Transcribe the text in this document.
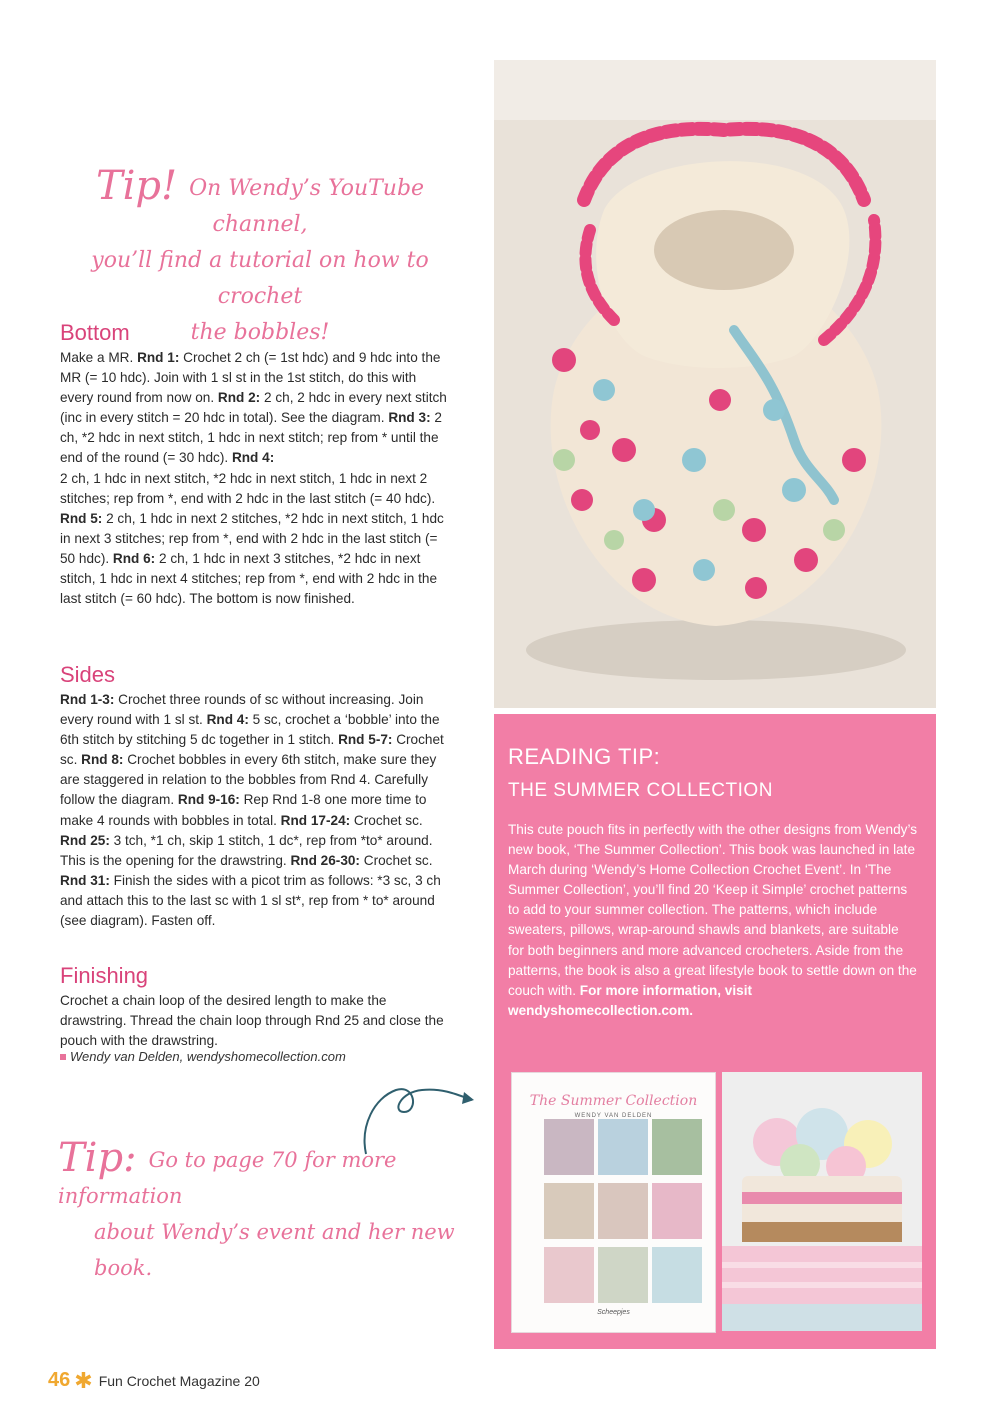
Tip! On Wendy’s YouTube channel,
you’ll find a tutorial on how to crochet
the bobbles!
Bottom

Make a MR. Rnd 1: Crochet 2 ch (= 1st hdc) and 9 hdc into the MR (= 10 hdc). Join with 1 sl st in the 1st stitch, do this with every round from now on. Rnd 2: 2 ch, 2 hdc in every next stitch (inc in every stitch = 20 hdc in total). See the diagram. Rnd 3: 2 ch, *2 hdc in next stitch, 1 hdc in next stitch; rep from * until the end of the round (= 30 hdc). Rnd 4:
2 ch, 1 hdc in next stitch, *2 hdc in next stitch, 1 hdc in next 2 stitches; rep from *, end with 2 hdc in the last stitch (= 40 hdc). Rnd 5: 2 ch, 1 hdc in next 2 stitches, *2 hdc in next stitch, 1 hdc in next 3 stitches; rep from *, end with 2 hdc in the last stitch (= 50 hdc). Rnd 6: 2 ch, 1 hdc in next 3 stitches, *2 hdc in next stitch, 1 hdc in next 4 stitches; rep from *, end with 2 hdc in the last stitch (= 60 hdc). The bottom is now finished.

Sides

Rnd 1-3: Crochet three rounds of sc without increasing. Join every round with 1 sl st. Rnd 4: 5 sc, crochet a ‘bobble’ into the 6th stitch by stitching 5 dc together in 1 stitch. Rnd 5-7: Crochet sc. Rnd 8: Crochet bobbles in every 6th stitch, make sure they are staggered in relation to the bobbles from Rnd 4. Carefully follow the diagram. Rnd 9-16: Rep Rnd 1-8 one more time to make 4 rounds with bobbles in total. Rnd 17-24: Crochet sc. Rnd 25: 3 tch, *1 ch, skip 1 stitch, 1 dc*, rep from *to* around. This is the opening for the drawstring. Rnd 26-30: Crochet sc. Rnd 31: Finish the sides with a picot trim as follows: *3 sc, 3 ch and attach this to the last sc with 1 sl st*, rep from * to* around (see diagram). Fasten off.

Finishing

Crochet a chain loop of the desired length to make the drawstring. Thread the chain loop through Rnd 25 and close the pouch with the drawstring.

Wendy van Delden, wendyshomecollection.com
Tip: Go to page 70 for more information
about Wendy’s event and her new book.
READING TIP:
THE SUMMER COLLECTION
This cute pouch fits in perfectly with the other designs from Wendy’s new book, ‘The Summer Collection’. This book was launched in late March during ‘Wendy’s Home Collection Crochet Event’. In ‘The Summer Collection’, you’ll find 20 ‘Keep it Simple’ crochet patterns to add to your summer collection. The patterns, which include sweaters, pillows, wrap-around shawls and blankets, are suitable for both beginners and more advanced crocheters. Aside from the patterns, the book is also a great lifestyle book to settle down on the couch with. For more information, visit wendyshomecollection.com.
The Summer Collection
WENDY VAN DELDEN
Scheepjes
46 ✱ Fun Crochet Magazine 20
